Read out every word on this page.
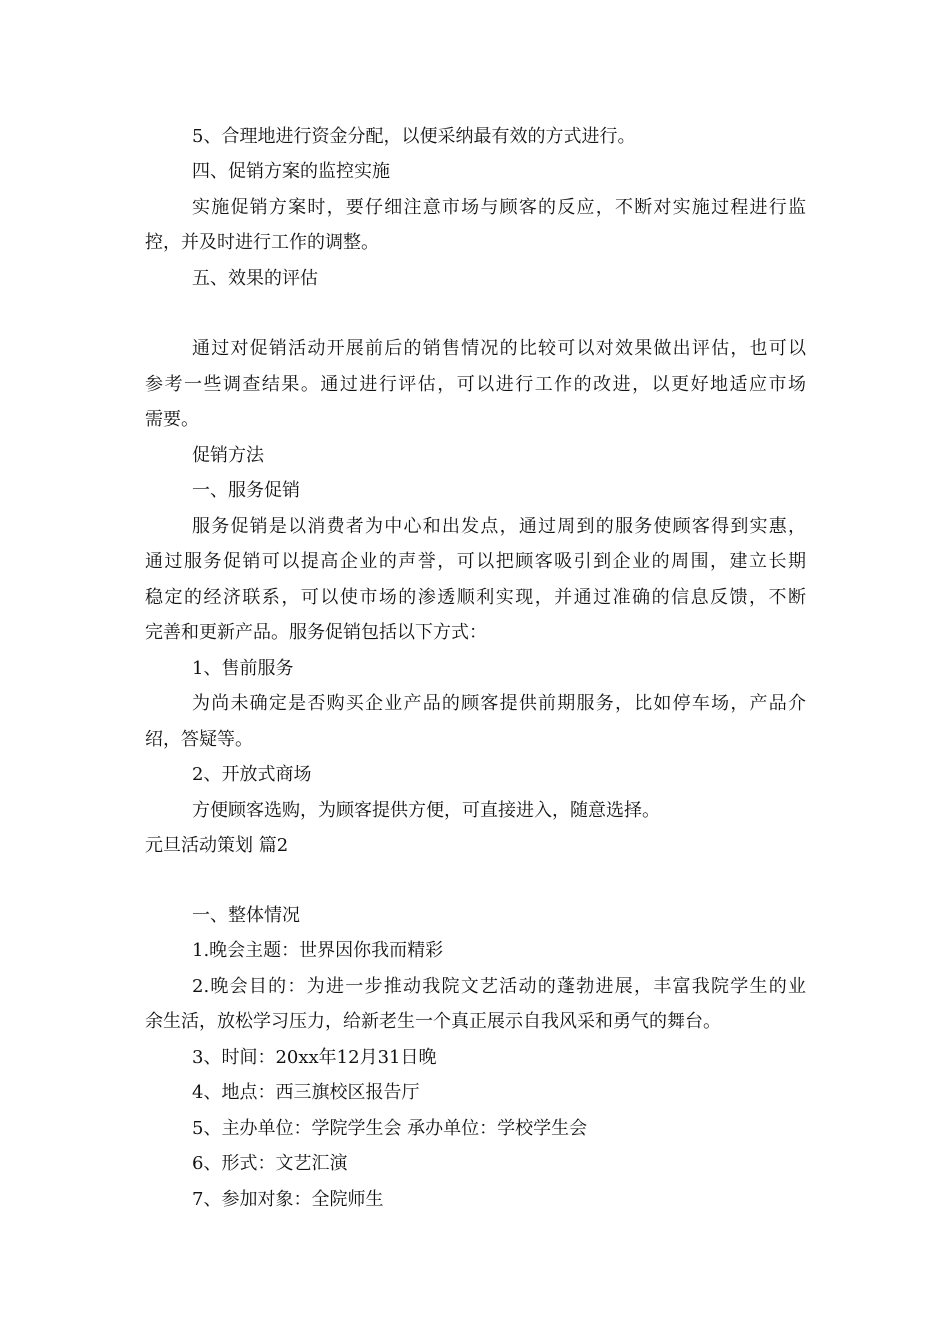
5、合理地进行资金分配，以便采纳最有效的方式进行。
四、促销方案的监控实施
实施促销方案时，要仔细注意市场与顾客的反应，不断对实施过程进行监
控，并及时进行工作的调整。
五、效果的评估
通过对促销活动开展前后的销售情况的比较可以对效果做出评估，也可以
参考一些调查结果。通过进行评估，可以进行工作的改进，以更好地适应市场
需要。
促销方法
一、服务促销
服务促销是以消费者为中心和出发点，通过周到的服务使顾客得到实惠，
通过服务促销可以提高企业的声誉，可以把顾客吸引到企业的周围，建立长期
稳定的经济联系，可以使市场的渗透顺利实现，并通过准确的信息反馈，不断
完善和更新产品。服务促销包括以下方式：
1、售前服务
为尚未确定是否购买企业产品的顾客提供前期服务，比如停车场，产品介
绍，答疑等。
2、开放式商场
方便顾客选购，为顾客提供方便，可直接进入，随意选择。
元旦活动策划 篇2
一、整体情况
1.晚会主题：世界因你我而精彩
2.晚会目的：为进一步推动我院文艺活动的蓬勃进展，丰富我院学生的业
余生活，放松学习压力，给新老生一个真正展示自我风采和勇气的舞台。
3、时间：20xx年12月31日晚
4、地点：西三旗校区报告厅
5、主办单位：学院学生会 承办单位：学校学生会
6、形式：文艺汇演
7、参加对象：全院师生
